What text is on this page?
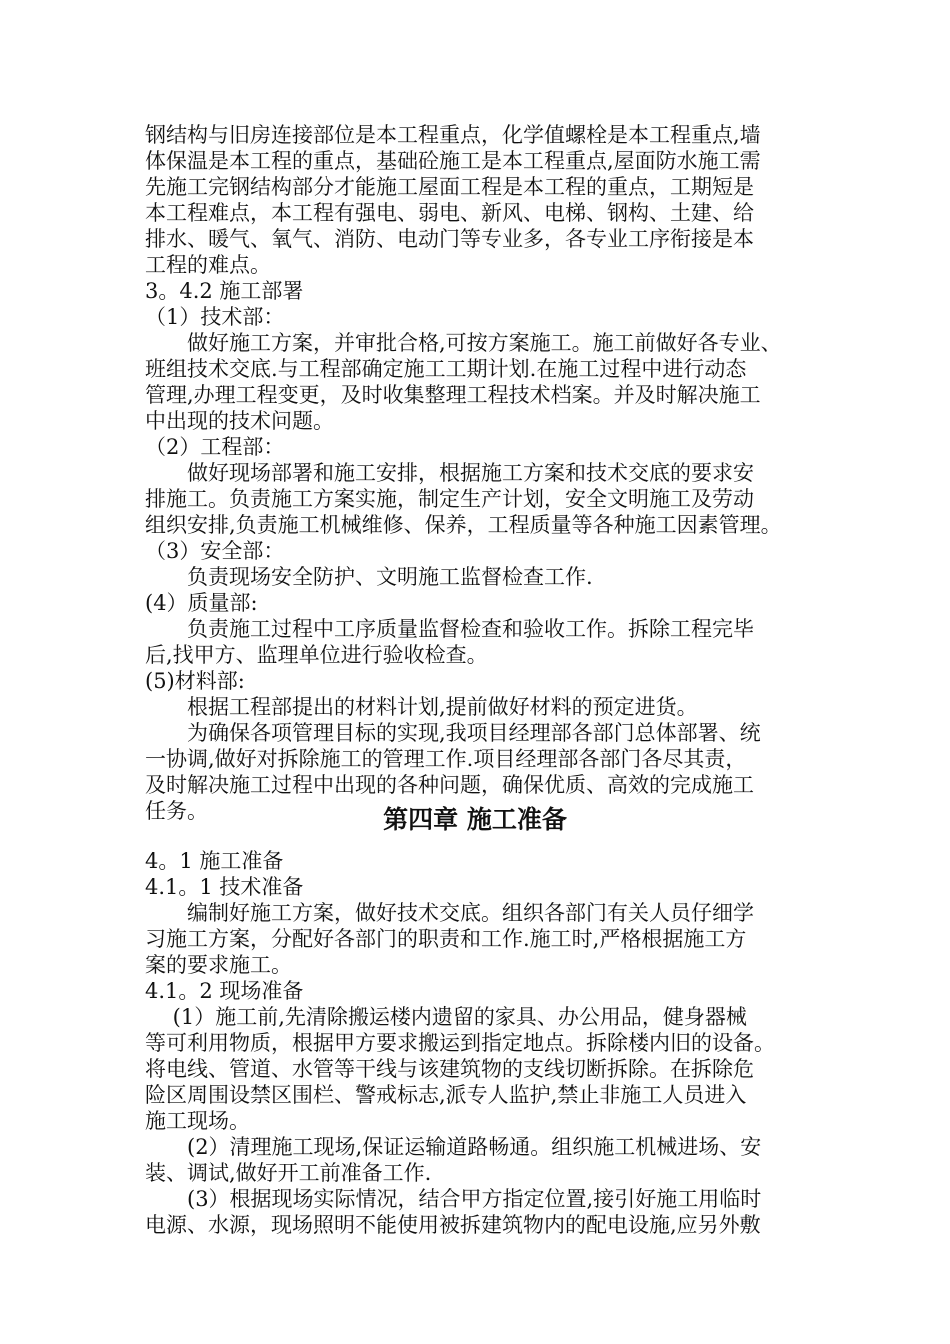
钢结构与旧房连接部位是本工程重点，化学值螺栓是本工程重点,墙
体保温是本工程的重点，基础砼施工是本工程重点,屋面防水施工需
先施工完钢结构部分才能施工屋面工程是本工程的重点，工期短是
本工程难点，本工程有强电、弱电、新风、电梯、钢构、土建、给
排水、暖气、氧气、消防、电动门等专业多，各专业工序衔接是本
工程的难点。
3。4.2 施工部署
（1）技术部：
　　做好施工方案，并审批合格,可按方案施工。施工前做好各专业、
班组技术交底.与工程部确定施工工期计划.在施工过程中进行动态
管理,办理工程变更，及时收集整理工程技术档案。并及时解决施工
中出现的技术问题。
（2）工程部：
　　做好现场部署和施工安排，根据施工方案和技术交底的要求安
排施工。负责施工方案实施，制定生产计划，安全文明施工及劳动
组织安排,负责施工机械维修、保养，工程质量等各种施工因素管理。
（3）安全部：
　　负责现场安全防护、文明施工监督检查工作.
(4）质量部:
　　负责施工过程中工序质量监督检查和验收工作。拆除工程完毕
后,找甲方、监理单位进行验收检查。
(5)材料部:
　　根据工程部提出的材料计划,提前做好材料的预定进货。
　　为确保各项管理目标的实现,我项目经理部各部门总体部署、统
一协调,做好对拆除施工的管理工作.项目经理部各部门各尽其责，
及时解决施工过程中出现的各种问题，确保优质、高效的完成施工
任务。	第四章 施工准备
4。1 施工准备
4.1。1 技术准备
　　编制好施工方案，做好技术交底。组织各部门有关人员仔细学
习施工方案，分配好各部门的职责和工作.施工时,严格根据施工方
案的要求施工。
4.1。2 现场准备
　 (1）施工前,先清除搬运楼内遗留的家具、办公用品，健身器械
等可利用物质，根据甲方要求搬运到指定地点。拆除楼内旧的设备。
将电线、管道、水管等干线与该建筑物的支线切断拆除。在拆除危
险区周围设禁区围栏、警戒标志,派专人监护,禁止非施工人员进入
施工现场。
　　(2）清理施工现场,保证运输道路畅通。组织施工机械进场、安
装、调试,做好开工前准备工作.
　　(3）根据现场实际情况，结合甲方指定位置,接引好施工用临时
电源、水源，现场照明不能使用被拆建筑物内的配电设施,应另外敷
